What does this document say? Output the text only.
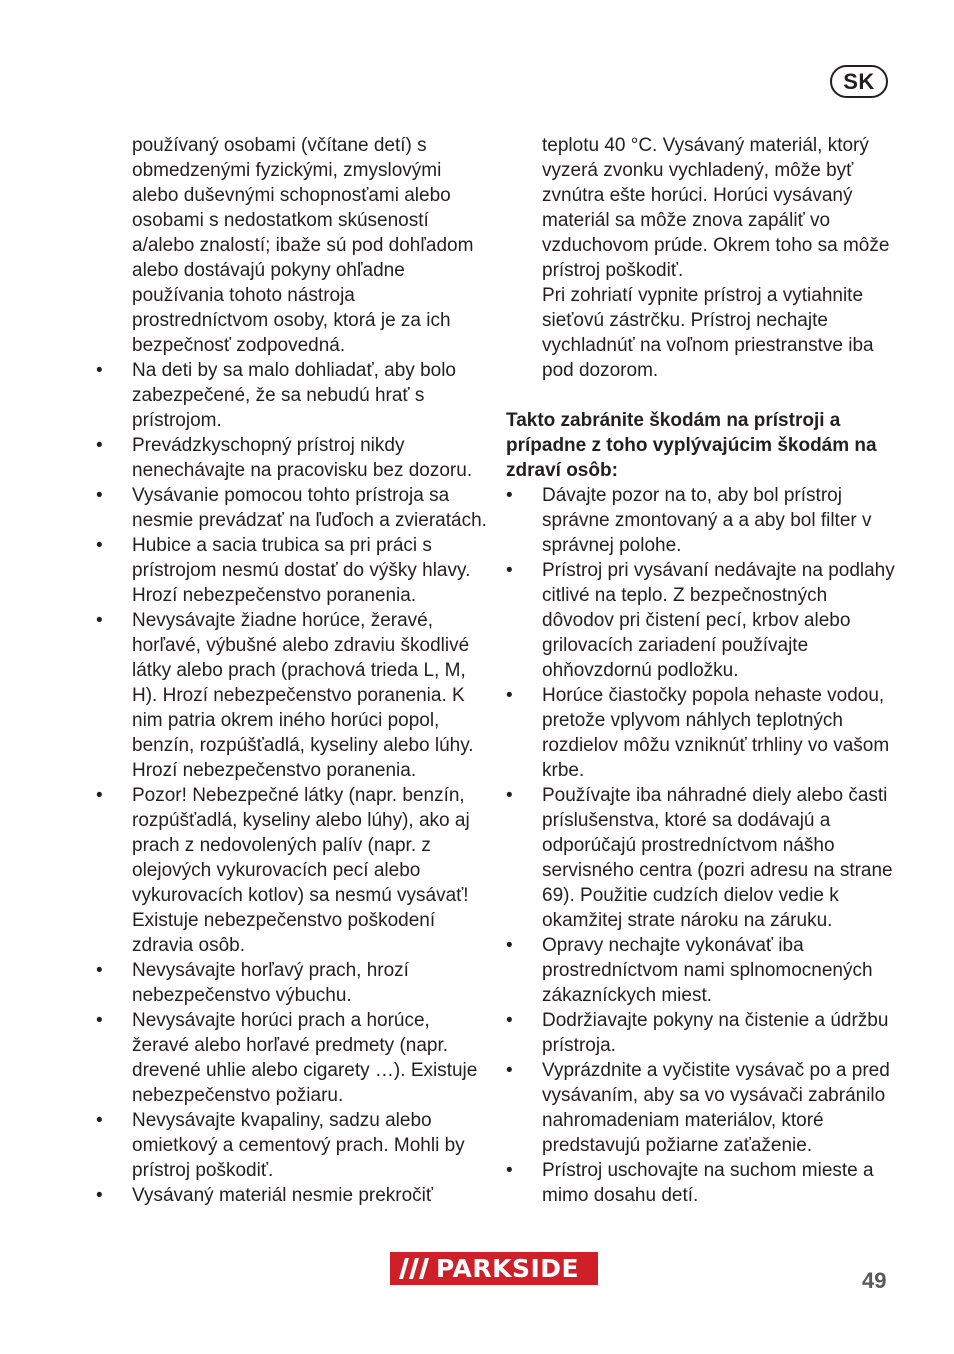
SK

používaný osobami (včítane detí) s obmedzenými fyzickými, zmyslovými alebo duševnými schopnosťami alebo osobami s nedostatkom skúseností a/alebo znalostí; ibaže sú pod dohľadom alebo dostávajú pokyny ohľadne používania tohoto nástroja prostredníctvom osoby, ktorá je za ich bezpečnosť zodpovedná.

• Na deti by sa malo dohliadať, aby bolo zabezpečené, že sa nebudú hrať s prístrojom.
• Prevádzkyschopný prístroj nikdy nenechávajte na pracovisku bez dozoru.
• Vysávanie pomocou tohto prístroja sa nesmie prevádzať na ľuďoch a zvieratách.
• Hubice a sacia trubica sa pri práci s prístrojom nesmú dostať do výšky hlavy. Hrozí nebezpečenstvo poranenia.
• Nevysávajte žiadne horúce, žeravé, horľavé, výbušné alebo zdraviu škodlivé látky alebo prach (prachová trieda L, M, H). Hrozí nebezpečenstvo poranenia. K nim patria okrem iného horúci popol, benzín, rozpúšťadlá, kyseliny alebo lúhy. Hrozí nebezpečenstvo poranenia.
• Pozor! Nebezpečné látky (napr. benzín, rozpúšťadlá, kyseliny alebo lúhy), ako aj prach z nedovolených palív (napr. z olejových vykurovacích pecí alebo vykurovacích kotlov) sa nesmú vysávať! Existuje nebezpečenstvo poškodení zdravia osôb.
• Nevysávajte horľavý prach, hrozí nebezpečenstvo výbuchu.
• Nevysávajte horúci prach a horúce, žeravé alebo horľavé predmety (napr. drevené uhlie alebo cigarety …). Existuje nebezpečenstvo požiaru.
• Nevysávajte kvapaliny, sadzu alebo omietkový a cementový prach. Mohli by prístroj poškodiť.
• Vysávaný materiál nesmie prekročiť

teplotu 40 °C. Vysávaný materiál, ktorý vyzerá zvonku vychladený, môže byť zvnútra ešte horúci. Horúci vysávaný materiál sa môže znova zapáliť vo vzduchovom prúde. Okrem toho sa môže prístroj poškodiť.

Pri zohriatí vypnite prístroj a vytiahnite sieťovú zástrčku. Prístroj nechajte vychladnúť na voľnom priestranstve iba pod dozorom.

Takto zabránite škodám na prístroji a prípadne z toho vyplývajúcim škodám na zdraví osôb:

• Dávajte pozor na to, aby bol prístroj správne zmontovaný a a aby bol filter v správnej polohe.
• Prístroj pri vysávaní nedávajte na podlahy citlivé na teplo. Z bezpečnostných dôvodov pri čistení pecí, krbov alebo grilovacích zariadení používajte ohňovzdornú podložku.
• Horúce čiastočky popola nehaste vodou, pretože vplyvom náhlych teplotných rozdielov môžu vzniknúť trhliny vo vašom krbe.
• Používajte iba náhradné diely alebo časti príslušenstva, ktoré sa dodávajú a odporúčajú prostredníctvom nášho servisného centra (pozri adresu na strane 69). Použitie cudzích dielov vedie k okamžitej strate nároku na záruku.
• Opravy nechajte vykonávať iba prostredníctvom nami splnomocnených zákazníckych miest.
• Dodržiavajte pokyny na čistenie a údržbu prístroja.
• Vyprázdnite a vyčistite vysávač po a pred vysávaním, aby sa vo vysávači zabránilo nahromadeniam materiálov, ktoré predstavujú požiarne zaťaženie.
• Prístroj uschovajte na suchom mieste a mimo dosahu detí.
PARKSIDE	49
